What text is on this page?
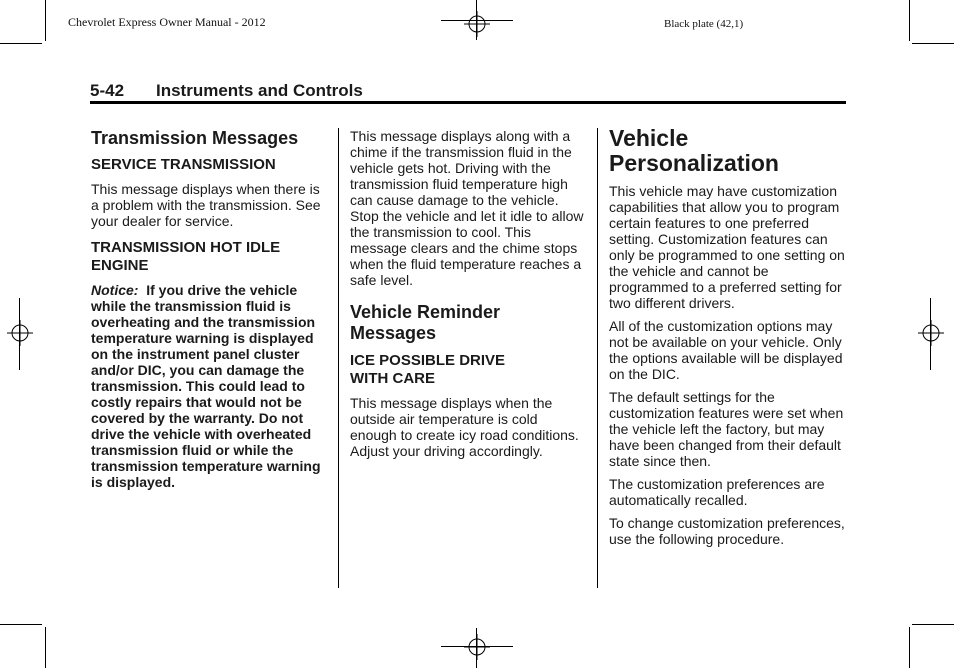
Chevrolet Express Owner Manual - 2012	Black plate (42,1)
5-42 Instruments and Controls
Transmission Messages
SERVICE TRANSMISSION

This message displays when there is a problem with the transmission. See your dealer for service.

TRANSMISSION HOT IDLE ENGINE

Notice: If you drive the vehicle while the transmission fluid is overheating and the transmission temperature warning is displayed on the instrument panel cluster and/or DIC, you can damage the transmission. This could lead to costly repairs that would not be covered by the warranty. Do not drive the vehicle with overheated transmission fluid or while the transmission temperature warning is displayed.

This message displays along with a chime if the transmission fluid in the vehicle gets hot. Driving with the transmission fluid temperature high can cause damage to the vehicle. Stop the vehicle and let it idle to allow the transmission to cool. This message clears and the chime stops when the fluid temperature reaches a safe level.

Vehicle Reminder Messages
ICE POSSIBLE DRIVE WITH CARE

This message displays when the outside air temperature is cold enough to create icy road conditions. Adjust your driving accordingly.

Vehicle Personalization

This vehicle may have customization capabilities that allow you to program certain features to one preferred setting. Customization features can only be programmed to one setting on the vehicle and cannot be programmed to a preferred setting for two different drivers.

All of the customization options may not be available on your vehicle. Only the options available will be displayed on the DIC.

The default settings for the customization features were set when the vehicle left the factory, but may have been changed from their default state since then.

The customization preferences are automatically recalled.

To change customization preferences, use the following procedure.
